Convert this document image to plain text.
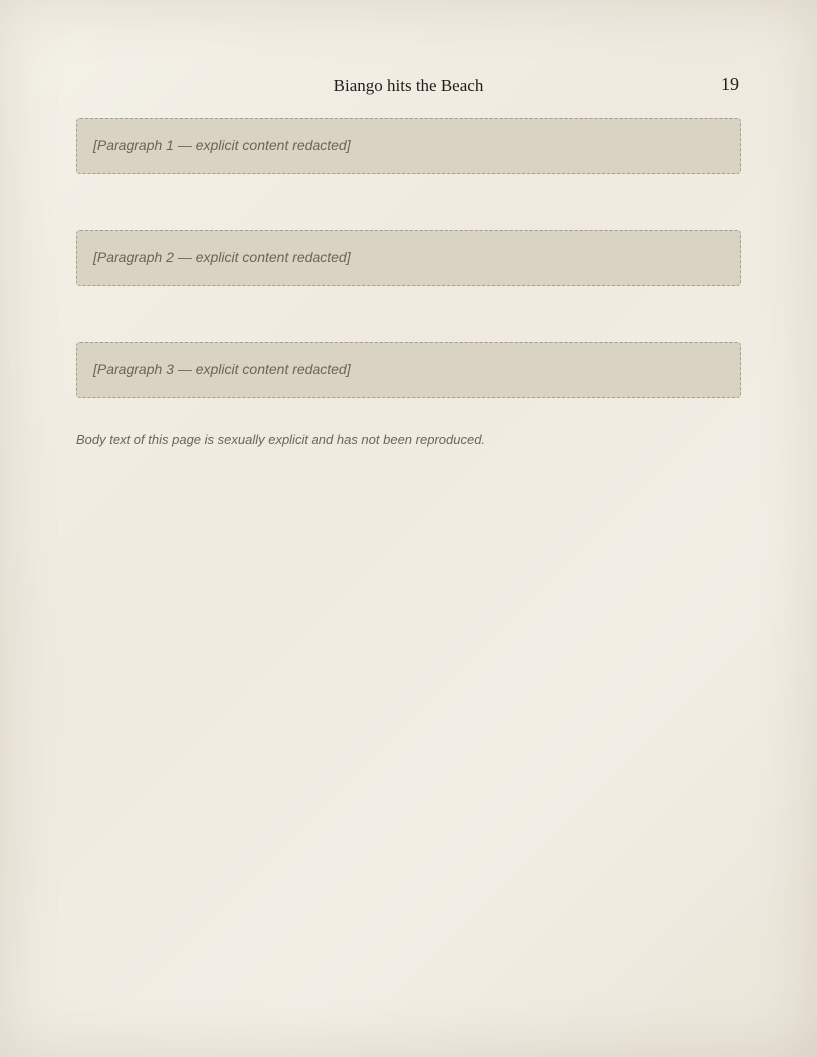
Biango hits the Beach	19

[Paragraph 1 — explicit content redacted]

[Paragraph 2 — explicit content redacted]

[Paragraph 3 — explicit content redacted]

Body text of this page is sexually explicit and has not been reproduced.
